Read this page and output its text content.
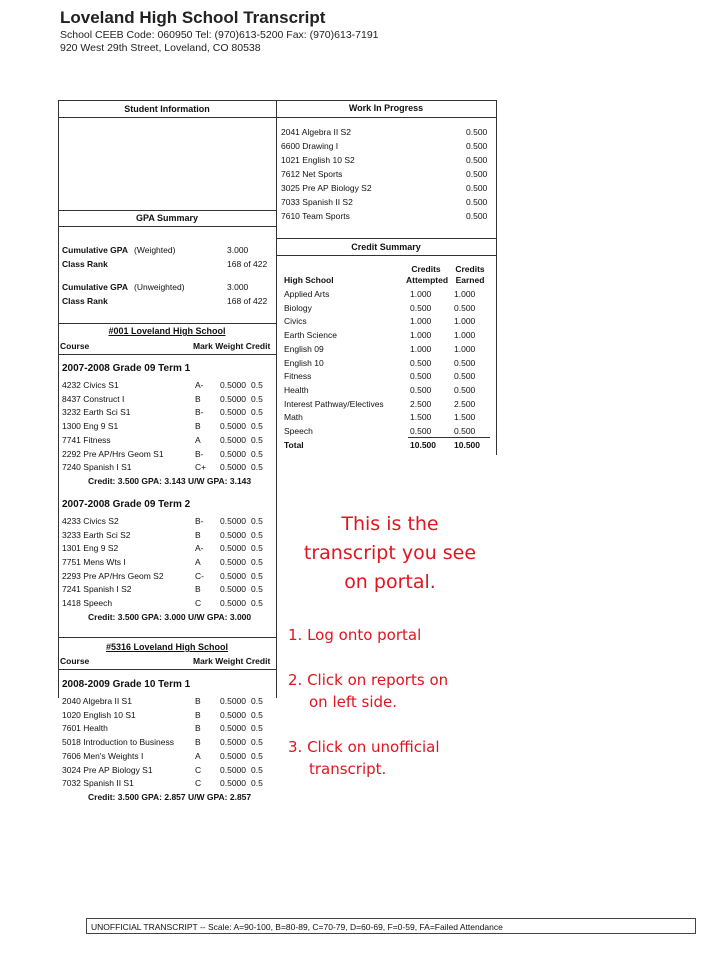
Loveland High School Transcript
School CEEB Code: 060950 Tel: (970)613-5200 Fax: (970)613-7191
920 West 29th Street, Loveland, CO 80538
Student Information	Work In Progress
2041 Algebra II S2	0.500
6600 Drawing I	0.500
1021 English 10 S2	0.500
7612 Net Sports	0.500
3025 Pre AP Biology S2	0.500
7033 Spanish II S2	0.500
7610 Team Sports	0.500
GPA Summary
Cumulative GPA (Weighted)	3.000
Class Rank	168 of 422
Cumulative GPA (Unweighted)	3.000
Class Rank	168 of 422
#001 Loveland High School
Course	Mark Weight Credit
2007-2008 Grade 09 Term 1
4232 Civics S1	A- 0.5000 0.5
8437 Construct I	B 0.5000 0.5
3232 Earth Sci S1	B- 0.5000 0.5
1300 Eng 9 S1	B 0.5000 0.5
7741 Fitness	A 0.5000 0.5
2292 Pre AP/Hrs Geom S1	B- 0.5000 0.5
7240 Spanish I S1	C+ 0.5000 0.5
Credit: 3.500 GPA: 3.143 U/W GPA: 3.143
2007-2008 Grade 09 Term 2
4233 Civics S2	B- 0.5000 0.5
3233 Earth Sci S2	B 0.5000 0.5
1301 Eng 9 S2	A- 0.5000 0.5
7751 Mens Wts I	A 0.5000 0.5
2293 Pre AP/Hrs Geom S2	C- 0.5000 0.5
7241 Spanish I S2	B 0.5000 0.5
1418 Speech	C 0.5000 0.5
Credit: 3.500 GPA: 3.000 U/W GPA: 3.000
#5316 Loveland High School
Course	Mark Weight Credit
2008-2009 Grade 10 Term 1
2040 Algebra II S1	B 0.5000 0.5
1020 English 10 S1	B 0.5000 0.5
7601 Health	B 0.5000 0.5
5018 Introduction to Business B 0.5000 0.5
7606 Men's Weights I	A 0.5000 0.5
3024 Pre AP Biology S1	C 0.5000 0.5
7032 Spanish II S1	C 0.5000 0.5
Credit: 3.500 GPA: 2.857 U/W GPA: 2.857
Credit Summary
High School
Credits
Attempted
Credits
Earned
Applied Arts	1.000	1.000
Biology	0.500	0.500
Civics	1.000	1.000
Earth Science	1.000	1.000
English 09	1.000	1.000
English 10	0.500	0.500
Fitness	0.500	0.500
Health	0.500	0.500
Interest Pathway/Electives	2.500	2.500
Math	1.500	1.500
Speech	0.500	0.500
Total	10.500 10.500
This is the
transcript you see
on portal.
1. Log onto portal
2. Click on reports on
on left side.
3. Click on unofficial
transcript.
UNOFFICIAL TRANSCRIPT -- Scale: A=90-100, B=80-89, C=70-79, D=60-69, F=0-59, FA=Failed Attendance
